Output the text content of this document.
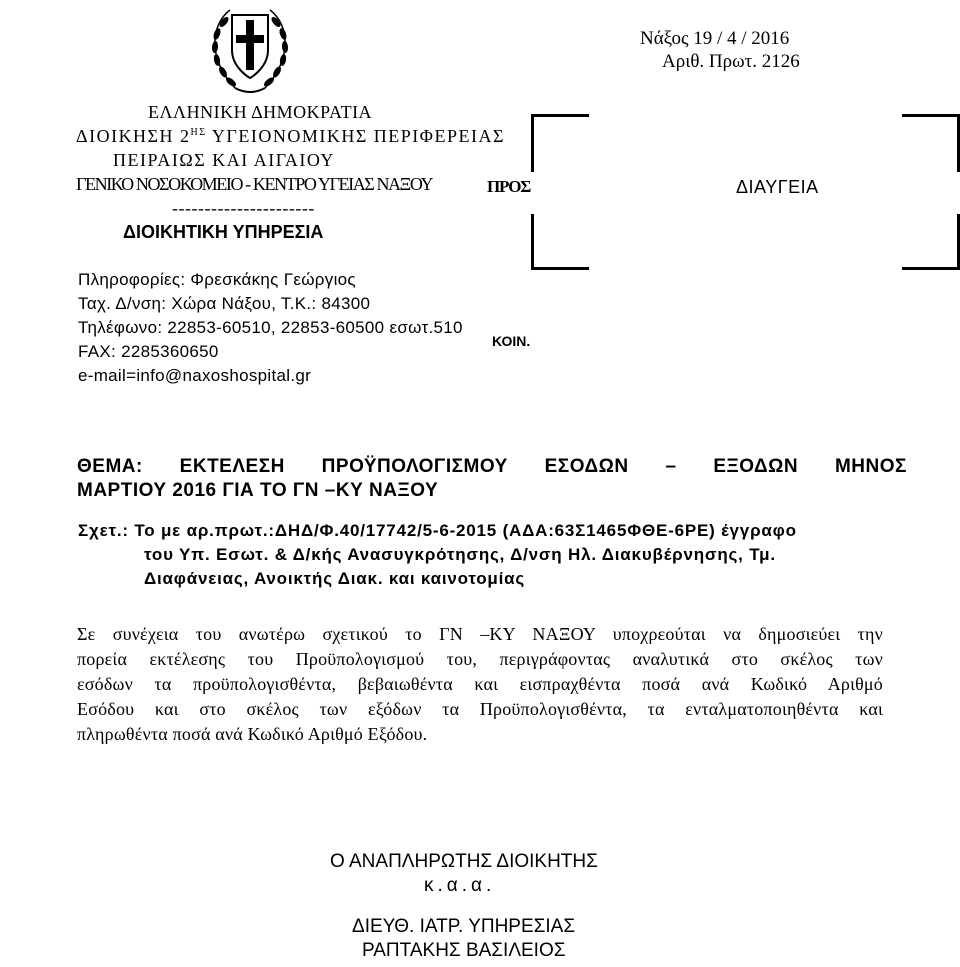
Νάξος 19 / 4 / 2016
Αριθ. Πρωτ. 2126
ΕΛΛΗΝΙΚΗ ΔΗΜΟΚΡΑΤΙΑ
ΔΙΟΙΚΗΣΗ $2^{H\Sigma}$ ΥΓΕΙΟΝΟΜΙΚΗΣ ΠΕΡΙΦΕΡΕΙΑΣ
ΠΕΙΡΑΙΩΣ ΚΑΙ ΑΙΓΑΙΟΥ
ΓΕΝΙΚΟ ΝΟΣΟΚΟΜΕΙΟ - ΚΕΝΤΡΟ ΥΓΕΙΑΣ ΝΑΞΟΥ
----------------------
ΔΙΟΙΚΗΤΙΚΗ ΥΠΗΡΕΣΙΑ
Πληροφορίες: Φρεσκάκης Γεώργιος
Ταχ. Δ/νση: Χώρα Νάξου, Τ.Κ.: 84300
Τηλέφωνο: 22853-60510, 22853-60500 εσωτ.510
FAX: 2285360650
e-mail=info@naxoshospital.gr
ΠΡΟΣ	ΔΙΑΥΓΕΙΑ
ΚΟΙΝ.
ΘΕΜΑ: ΕΚΤΕΛΕΣΗ ΠΡΟΫΠΟΛΟΓΙΣΜΟΥ ΕΣΟΔΩΝ – ΕΞΟΔΩΝ ΜΗΝΟΣ
ΜΑΡΤΙΟΥ 2016 ΓΙΑ ΤΟ ΓΝ –ΚΥ ΝΑΞΟΥ
Σχετ.: Το με αρ.πρωτ.:ΔΗΔ/Φ.40/17742/5-6-2015 (ΑΔΑ:63Σ1465ΦΘΕ-6ΡΕ) έγγραφο
του Υπ. Εσωτ. & Δ/κής Ανασυγκρότησης, Δ/νση Ηλ. Διακυβέρνησης, Τμ.
Διαφάνειας, Ανοικτής Διακ. και καινοτομίας
Σε συνέχεια του ανωτέρω σχετικού το ΓΝ –ΚΥ ΝΑΞΟΥ υποχρεούται να δημοσιεύει την
πορεία εκτέλεσης του Προϋπολογισμού του, περιγράφοντας αναλυτικά στο σκέλος των
εσόδων τα προϋπολογισθέντα, βεβαιωθέντα και εισπραχθέντα ποσά ανά Κωδικό Αριθμό
Εσόδου και στο σκέλος των εξόδων τα Προϋπολογισθέντα, τα ενταλματοποιηθέντα και
πληρωθέντα ποσά ανά Κωδικό Αριθμό Εξόδου.
Ο ΑΝΑΠΛΗΡΩΤΗΣ ΔΙΟΙΚΗΤΗΣ
κ.α.α.
ΔΙΕΥΘ. ΙΑΤΡ. ΥΠΗΡΕΣΙΑΣ
ΡΑΠΤΑΚΗΣ ΒΑΣΙΛΕΙΟΣ
